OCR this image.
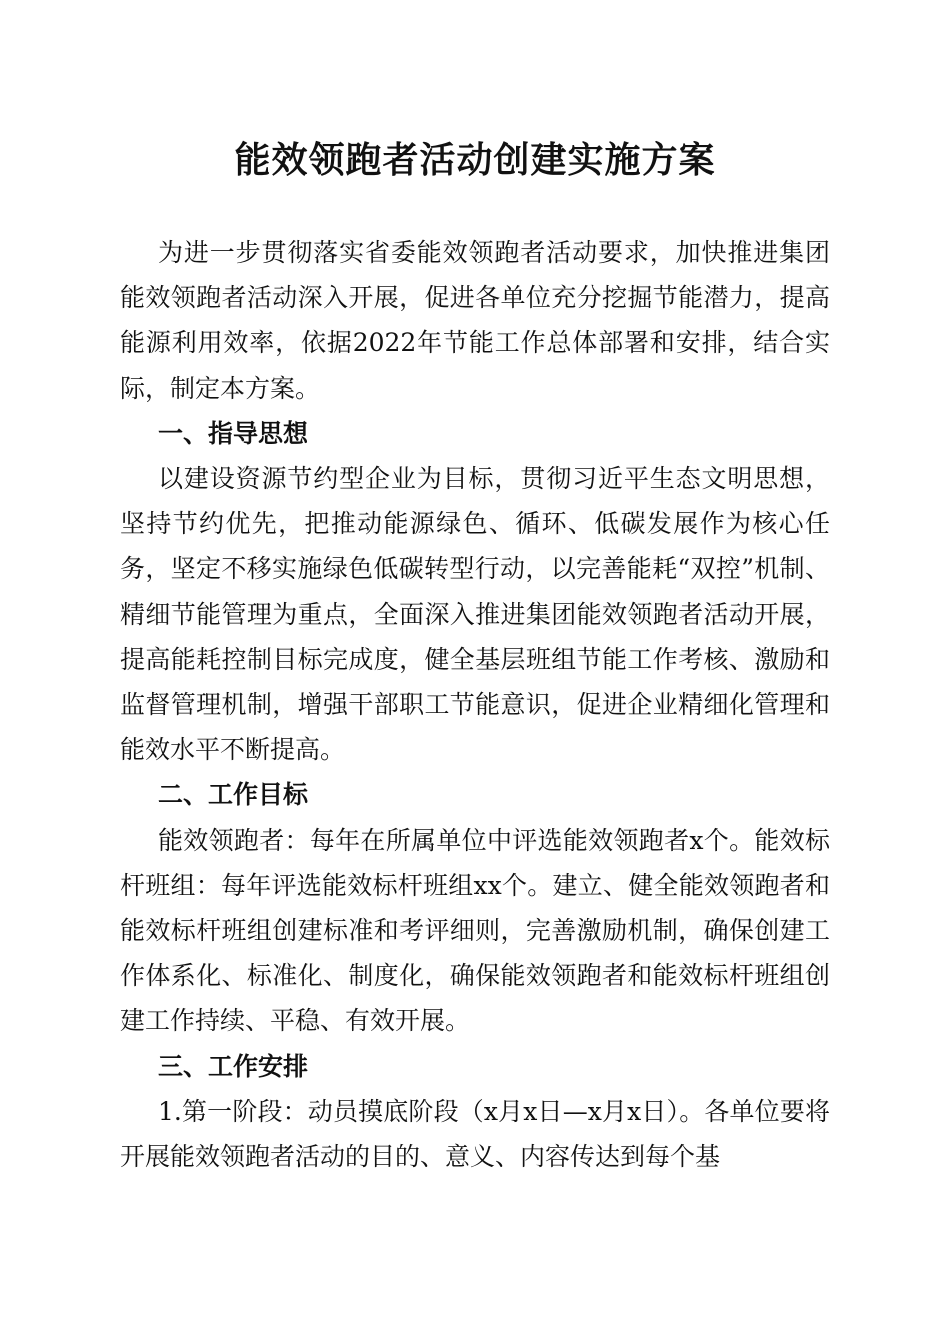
能效领跑者活动创建实施方案

为进一步贯彻落实省委能效领跑者活动要求，加快推进集团能效领跑者活动深入开展，促进各单位充分挖掘节能潜力，提高能源利用效率，依据2022年节能工作总体部署和安排，结合实际，制定本方案。

一、指导思想

以建设资源节约型企业为目标，贯彻习近平生态文明思想，坚持节约优先，把推动能源绿色、循环、低碳发展作为核心任务，坚定不移实施绿色低碳转型行动，以完善能耗“双控”机制、精细节能管理为重点，全面深入推进集团能效领跑者活动开展，提高能耗控制目标完成度，健全基层班组节能工作考核、激励和监督管理机制，增强干部职工节能意识，促进企业精细化管理和能效水平不断提高。

二、工作目标

能效领跑者：每年在所属单位中评选能效领跑者x个。能效标杆班组：每年评选能效标杆班组xx个。建立、健全能效领跑者和能效标杆班组创建标准和考评细则，完善激励机制，确保创建工作体系化、标准化、制度化，确保能效领跑者和能效标杆班组创建工作持续、平稳、有效开展。

三、工作安排

1.第一阶段：动员摸底阶段（x月x日—x月x日）。各单位要将开展能效领跑者活动的目的、意义、内容传达到每个基
